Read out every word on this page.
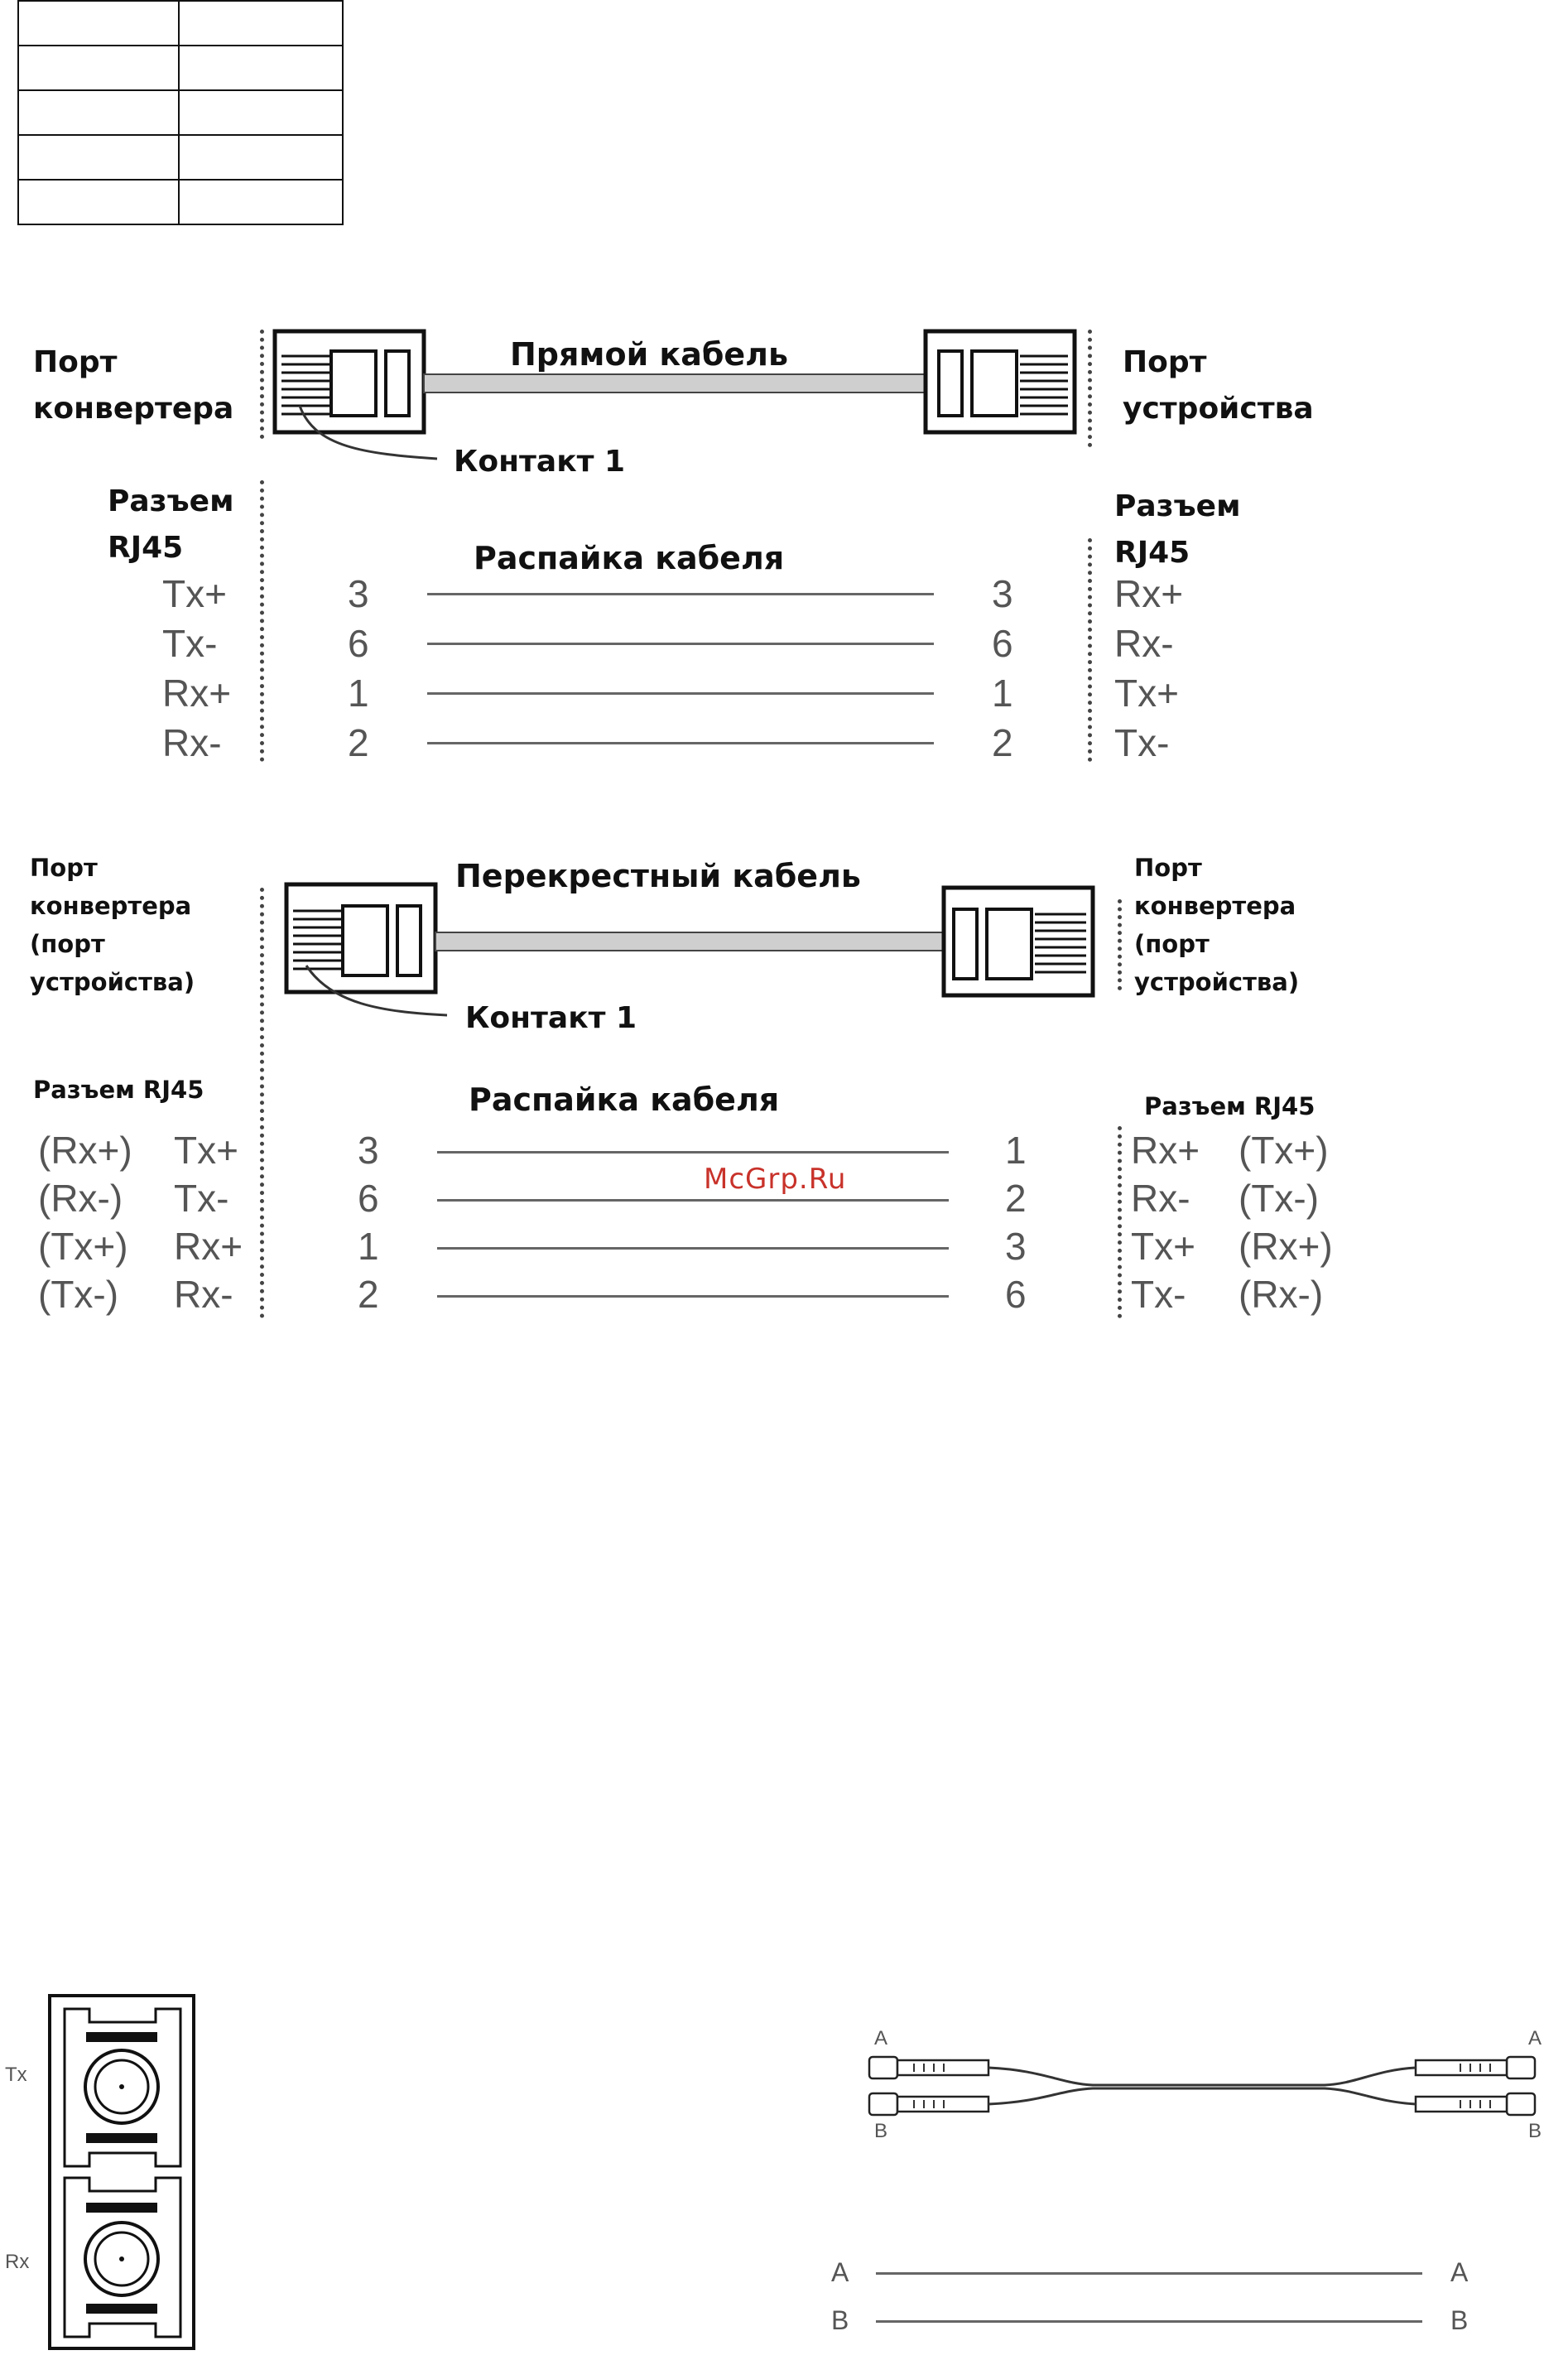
Порт
конвертера
Порт
устройства
Прямой кабель
Контакт 1
Разъем
RJ45
Разъем
RJ45
Распайка кабеля
Tx+	3	3	Rx+
Tx-	6	6	Rx-
Rx+	1	1	Tx+
Rx-	2	2	Tx-
Порт
конвертера
(порт
устройства)
Порт
конвертера
(порт
устройства)
Перекрестный кабель
Контакт 1
Разъем RJ45
Разъем RJ45
Распайка кабеля
McGrp.Ru
(Rx+) Tx+	3	1	Rx+ (Tx+)
(Rx-) Tx-	6	2	Rx- (Tx-)
(Tx+) Rx+	1	3	Tx+ (Rx+)
(Tx-) Rx-	2	6	Tx- (Rx-)
Tx
Rx
A	A
B	B
A
B
A
B
